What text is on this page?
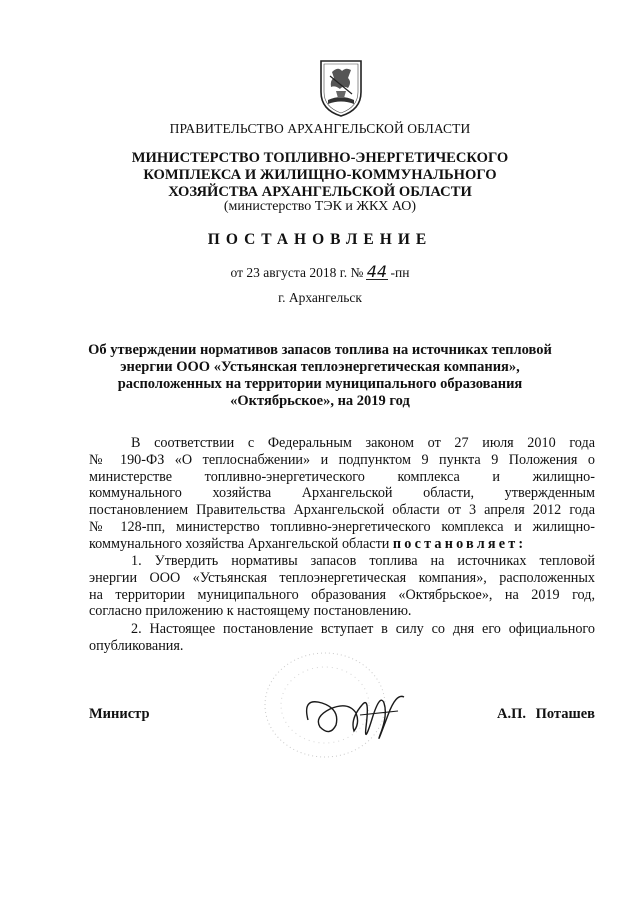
ПРАВИТЕЛЬСТВО АРХАНГЕЛЬСКОЙ ОБЛАСТИ
МИНИСТЕРСТВО ТОПЛИВНО-ЭНЕРГЕТИЧЕСКОГО
КОМПЛЕКСА И ЖИЛИЩНО-КОММУНАЛЬНОГО
ХОЗЯЙСТВА АРХАНГЕЛЬСКОЙ ОБЛАСТИ
(министерство ТЭК и ЖКХ АО)
ПОСТАНОВЛЕНИЕ
от 23 августа 2018 г. № 44 -пн
г. Архангельск
Об утверждении нормативов запасов топлива на источниках тепловой
энергии ООО «Устьянская теплоэнергетическая компания»,
расположенных на территории муниципального образования
«Октябрьское», на 2019 год
В соответствии с Федеральным законом от 27 июля 2010 года
№ 190-ФЗ «О теплоснабжении» и подпунктом 9 пункта 9 Положения о
министерстве топливно-энергетического комплекса и жилищно-
коммунального хозяйства Архангельской области, утвержденным
постановлением Правительства Архангельской области от 3 апреля 2012 года
№ 128-пп, министерство топливно-энергетического комплекса и жилищно-
коммунального хозяйства Архангельской области постановляет:
1. Утвердить нормативы запасов топлива на источниках тепловой
энергии ООО «Устьянская теплоэнергетическая компания», расположенных
на территории муниципального образования «Октябрьское», на 2019 год,
согласно приложению к настоящему постановлению.
2. Настоящее постановление вступает в силу со дня его официального
опубликования.
Министр	А.П. Поташев
